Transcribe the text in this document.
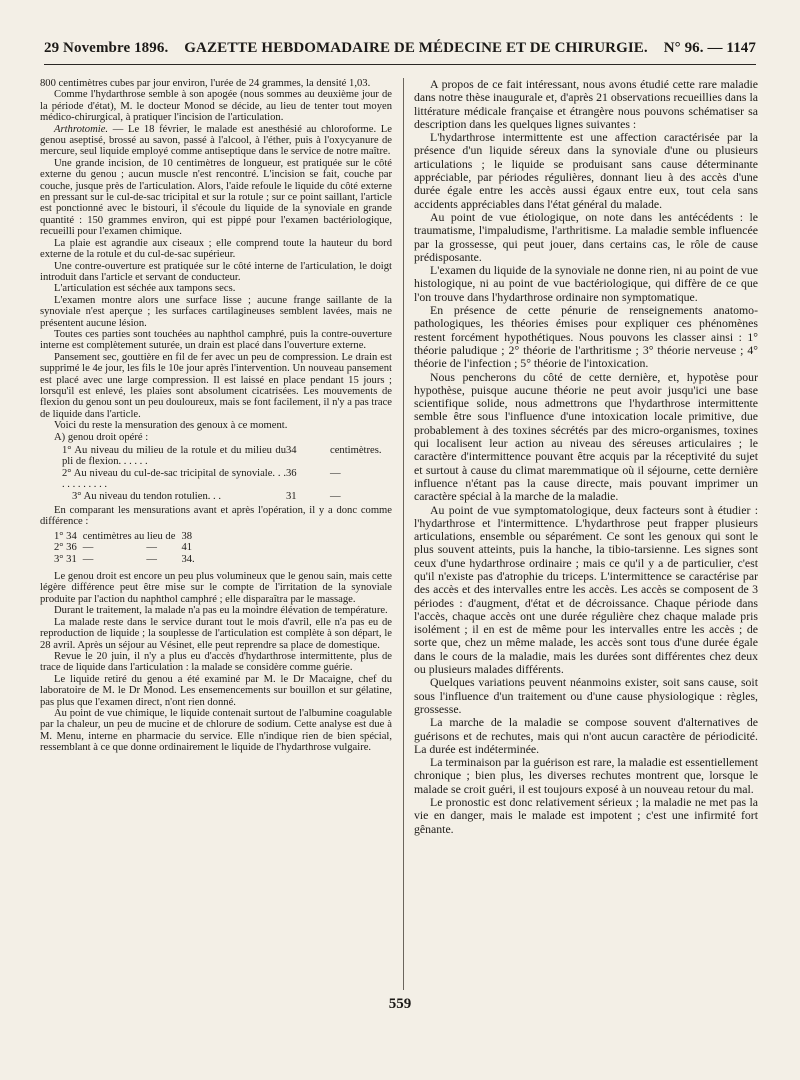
29 Novembre 1896. GAZETTE HEBDOMADAIRE DE MÉDECINE ET DE CHIRURGIE. N° 96. — 1147

800 centimètres cubes par jour environ, l'urée de 24 grammes, la densité 1,03.

Comme l'hydarthrose semble à son apogée (nous sommes au deuxième jour de la période d'état), M. le docteur Monod se décide, au lieu de tenter tout moyen médico-chirurgical, à pratiquer l'incision de l'articulation.

Arthrotomie. — Le 18 février, le malade est anesthésié au chloroforme. Le genou aseptisé, brossé au savon, passé à l'alcool, à l'éther, puis à l'oxycyanure de mercure, seul liquide employé comme antiseptique dans le service de notre maître.

Une grande incision, de 10 centimètres de longueur, est pratiquée sur le côté externe du genou ; aucun muscle n'est rencontré. L'incision se fait, couche par couche, jusque près de l'articulation. Alors, l'aide refoule le liquide du côté externe en pressant sur le cul-de-sac tricipital et sur la rotule ; sur ce point saillant, l'article est ponctionné avec le bistouri, il s'écoule du liquide de la synoviale en grande quantité : 150 grammes environ, qui est pippé pour l'examen bactériologique, recueilli pour l'examen chimique.

La plaie est agrandie aux ciseaux ; elle comprend toute la hauteur du bord externe de la rotule et du cul-de-sac supérieur.

Une contre-ouverture est pratiquée sur le côté interne de l'articulation, le doigt introduit dans l'article et servant de conducteur.

L'articulation est séchée aux tampons secs.

L'examen montre alors une surface lisse ; aucune frange saillante de la synoviale n'est aperçue ; les surfaces cartilagineuses semblent lavées, mais ne présentent aucune lésion.

Toutes ces parties sont touchées au naphthol camphré, puis la contre-ouverture interne est complètement suturée, un drain est placé dans l'ouverture externe.

Pansement sec, gouttière en fil de fer avec un peu de compression. Le drain est supprimé le 4e jour, les fils le 10e jour après l'intervention. Un nouveau pansement est placé avec une large compression. Il est laissé en place pendant 15 jours ; lorsqu'il est enlevé, les plaies sont absolument cicatrisées. Les mouvements de flexion du genou sont un peu douloureux, mais se font facilement, il n'y a pas trace de liquide dans l'article.

Voici du reste la mensuration des genoux à ce moment.

A) genou droit opéré :

1° Au niveau du milieu de la rotule et du milieu du pli de flexion. . . . . .	34	centimètres.
2° Au niveau du cul-de-sac tricipital de synoviale. . . . . . . . . . . .	36	—
3° Au niveau du tendon rotulien. . .	31	—

En comparant les mensurations avant et après l'opération, il y a donc comme différence :

1° 34	centimètres au lieu de	38
2° 36	—                    —	41
3° 31	—                    —	34.

Le genou droit est encore un peu plus volumineux que le genou sain, mais cette légère différence peut être mise sur le compte de l'irritation de la synoviale produite par l'action du naphthol camphré ; elle disparaîtra par le massage.

Durant le traitement, la malade n'a pas eu la moindre élévation de température.

La malade reste dans le service durant tout le mois d'avril, elle n'a pas eu de reproduction de liquide ; la souplesse de l'articulation est complète à son départ, le 28 avril. Après un séjour au Vésinet, elle peut reprendre sa place de domestique.

Revue le 20 juin, il n'y a plus eu d'accès d'hydarthrose intermittente, plus de trace de liquide dans l'articulation : la malade se considère comme guérie.

Le liquide retiré du genou a été examiné par M. le Dr Macaigne, chef du laboratoire de M. le Dr Monod. Les ensemencements sur bouillon et sur gélatine, pas plus que l'examen direct, n'ont rien donné.

Au point de vue chimique, le liquide contenait surtout de l'albumine coagulable par la chaleur, un peu de mucine et de chlorure de sodium. Cette analyse est due à M. Menu, interne en pharmacie du service. Elle n'indique rien de bien spécial, ressemblant à ce que donne ordinairement le liquide de l'hydarthrose vulgaire.

A propos de ce fait intéressant, nous avons étudié cette rare maladie dans notre thèse inaugurale et, d'après 21 observations recueillies dans la littérature médicale française et étrangère nous pouvons schématiser sa description dans les quelques lignes suivantes :

L'hydarthrose intermittente est une affection caractérisée par la présence d'un liquide séreux dans la synoviale d'une ou plusieurs articulations ; le liquide se produisant sans cause déterminante appréciable, par périodes régulières, donnant lieu à des accès d'une durée égale entre les accès aussi égaux entre eux, tout cela sans accidents appréciables dans l'état général du malade.

Au point de vue étiologique, on note dans les antécédents : le traumatisme, l'impaludisme, l'arthritisme. La maladie semble influencée par la grossesse, qui peut jouer, dans certains cas, le rôle de cause prédisposante.

L'examen du liquide de la synoviale ne donne rien, ni au point de vue histologique, ni au point de vue bactériologique, qui diffère de ce que l'on trouve dans l'hydarthrose ordinaire non symptomatique.

En présence de cette pénurie de renseignements anatomo-pathologiques, les théories émises pour expliquer ces phénomènes restent forcément hypothétiques. Nous pouvons les classer ainsi : 1° théorie paludique ; 2° théorie de l'arthritisme ; 3° théorie nerveuse ; 4° théorie de l'infection ; 5° théorie de l'intoxication.

Nous pencherons du côté de cette dernière, et, hypotèse pour hypothèse, puisque aucune théorie ne peut avoir jusqu'ici une base scientifique solide, nous admettrons que l'hydarthrose intermittente semble être sous l'influence d'une intoxication locale primitive, due probablement à des toxines sécrétés par des micro-organismes, toxines qui localisent leur action au niveau des séreuses articulaires ; le caractère d'intermittence pouvant être acquis par la réceptivité du sujet et surtout à cause du climat maremmatique où il séjourne, cette dernière influence n'étant pas la cause directe, mais pouvant imprimer un caractère spécial à la marche de la maladie.

Au point de vue symptomatologique, deux facteurs sont à étudier : l'hydarthrose et l'intermittence. L'hydarthrose peut frapper plusieurs articulations, ensemble ou séparément. Ce sont les genoux qui sont le plus souvent atteints, puis la hanche, la tibio-tarsienne. Les signes sont ceux d'une hydarthrose ordinaire ; mais ce qu'il y a de particulier, c'est qu'il n'existe pas d'atrophie du triceps. L'intermittence se caractérise par des accès et des intervalles entre les accès. Les accès se composent de 3 périodes : d'augment, d'état et de décroissance. Chaque période dans l'accès, chaque accès ont une durée régulière chez chaque malade pris isolément ; il en est de même pour les intervalles entre les accès ; de sorte que, chez un même malade, les accès sont tous d'une durée égale dans le cours de la maladie, mais les durées sont différentes chez deux ou plusieurs malades différents.

Quelques variations peuvent néanmoins exister, soit sans cause, soit sous l'influence d'un traitement ou d'une cause physiologique : règles, grossesse.

La marche de la maladie se compose souvent d'alternatives de guérisons et de rechutes, mais qui n'ont aucun caractère de périodicité. La durée est indéterminée.

La terminaison par la guérison est rare, la maladie est essentiellement chronique ; bien plus, les diverses rechutes montrent que, lorsque le malade se croit guéri, il est toujours exposé à un nouveau retour du mal.

Le pronostic est donc relativement sérieux ; la maladie ne met pas la vie en danger, mais le malade est impotent ; c'est une infirmité fort gênante.

559
